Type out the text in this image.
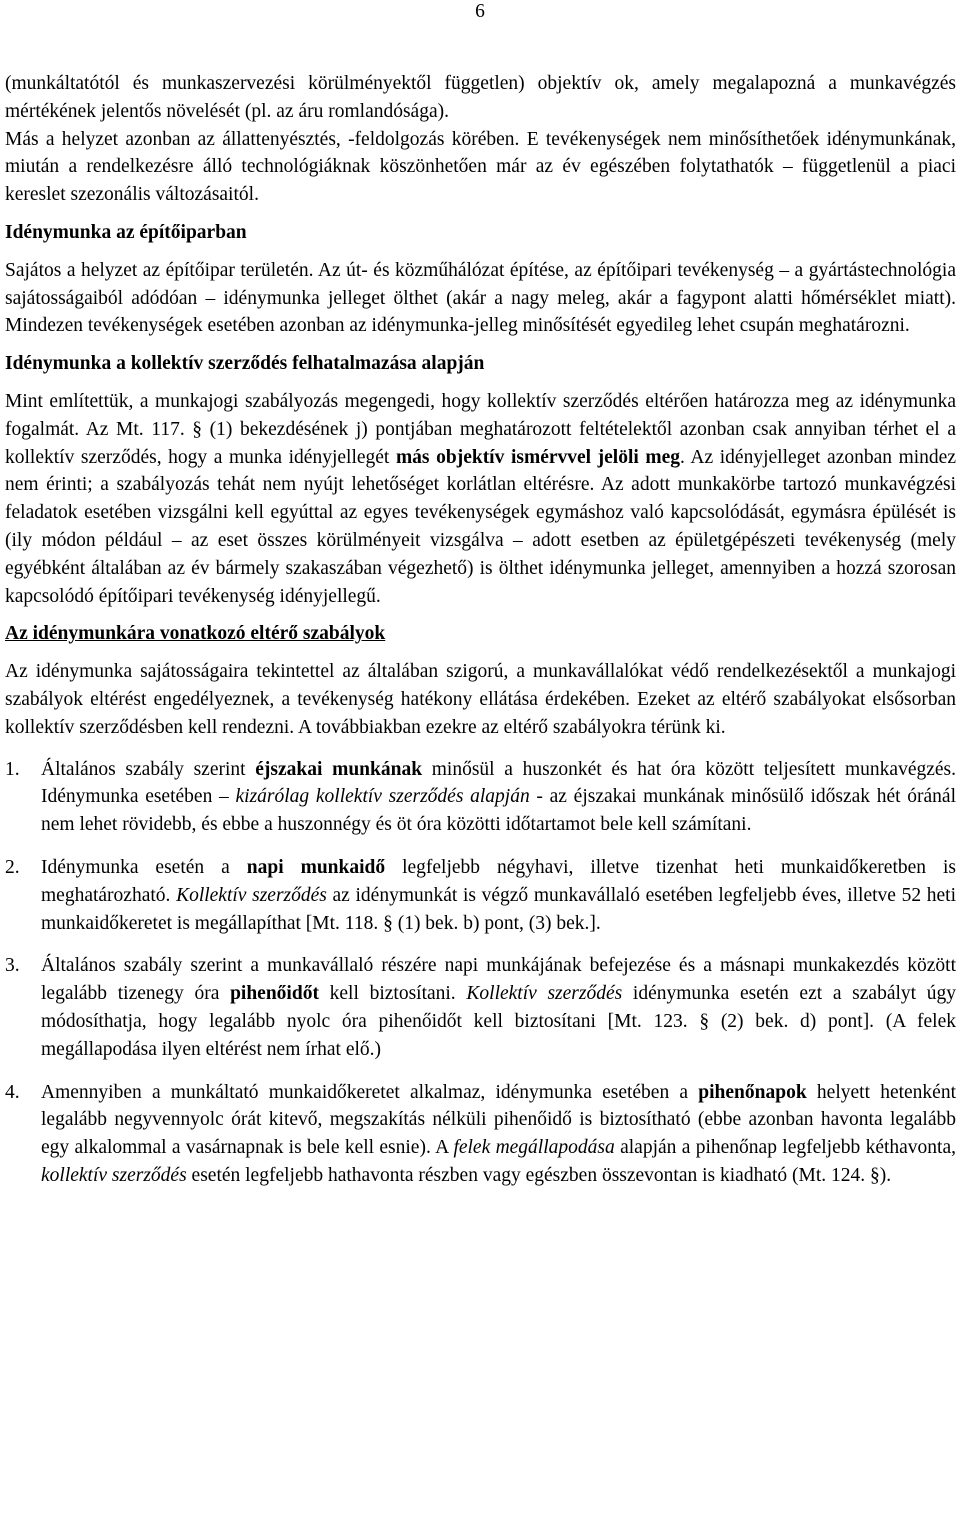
6

(munkáltatótól és munkaszervezési körülményektől független) objektív ok, amely megalapozná a munkavégzés mértékének jelentős növelését (pl. az áru romlandósága).

Más a helyzet azonban az állattenyésztés, -feldolgozás körében. E tevékenységek nem minősíthetőek idénymunkának, miután a rendelkezésre álló technológiáknak köszönhetően már az év egészében folytathatók – függetlenül a piaci kereslet szezonális változásaitól.

Idénymunka az építőiparban

Sajátos a helyzet az építőipar területén. Az út- és közműhálózat építése, az építőipari tevékenység – a gyártástechnológia sajátosságaiból adódóan – idénymunka jelleget ölthet (akár a nagy meleg, akár a fagypont alatti hőmérséklet miatt). Mindezen tevékenységek esetében azonban az idénymunka-jelleg minősítését egyedileg lehet csupán meghatározni.

Idénymunka a kollektív szerződés felhatalmazása alapján

Mint említettük, a munkajogi szabályozás megengedi, hogy kollektív szerződés eltérően határozza meg az idénymunka fogalmát. Az Mt. 117. § (1) bekezdésének j) pontjában meghatározott feltételektől azonban csak annyiban térhet el a kollektív szerződés, hogy a munka idényjellegét más objektív ismérvvel jelöli meg. Az idényjelleget azonban mindez nem érinti; a szabályozás tehát nem nyújt lehetőséget korlátlan eltérésre. Az adott munkakörbe tartozó munkavégzési feladatok esetében vizsgálni kell egyúttal az egyes tevékenységek egymáshoz való kapcsolódását, egymásra épülését is (ily módon például – az eset összes körülményeit vizsgálva – adott esetben az épületgépészeti tevékenység (mely egyébként általában az év bármely szakaszában végezhető) is ölthet idénymunka jelleget, amennyiben a hozzá szorosan kapcsolódó építőipari tevékenység idényjellegű.

Az idénymunkára vonatkozó eltérő szabályok

Az idénymunka sajátosságaira tekintettel az általában szigorú, a munkavállalókat védő rendelkezésektől a munkajogi szabályok eltérést engedélyeznek, a tevékenység hatékony ellátása érdekében. Ezeket az eltérő szabályokat elsősorban kollektív szerződésben kell rendezni. A továbbiakban ezekre az eltérő szabályokra térünk ki.

1.	Általános szabály szerint éjszakai munkának minősül a huszonkét és hat óra között teljesített munkavégzés. Idénymunka esetében – kizárólag kollektív szerződés alapján - az éjszakai munkának minősülő időszak hét óránál nem lehet rövidebb, és ebbe a huszonnégy és öt óra közötti időtartamot bele kell számítani.
2.	Idénymunka esetén a napi munkaidő legfeljebb négyhavi, illetve tizenhat heti munkaidőkeretben is meghatározható. Kollektív szerződés az idénymunkát is végző munkavállaló esetében legfeljebb éves, illetve 52 heti munkaidőkeretet is megállapíthat [Mt. 118. § (1) bek. b) pont, (3) bek.].
3.	Általános szabály szerint a munkavállaló részére napi munkájának befejezése és a másnapi munkakezdés között legalább tizenegy óra pihenőidőt kell biztosítani. Kollektív szerződés idénymunka esetén ezt a szabályt úgy módosíthatja, hogy legalább nyolc óra pihenőidőt kell biztosítani [Mt. 123. § (2) bek. d) pont]. (A felek megállapodása ilyen eltérést nem írhat elő.)
4.	Amennyiben a munkáltató munkaidőkeretet alkalmaz, idénymunka esetében a pihenőnapok helyett hetenként legalább negyvennyolc órát kitevő, megszakítás nélküli pihenőidő is biztosítható (ebbe azonban havonta legalább egy alkalommal a vasárnapnak is bele kell esnie). A felek megállapodása alapján a pihenőnap legfeljebb kéthavonta, kollektív szerződés esetén legfeljebb hathavonta részben vagy egészben összevontan is kiadható (Mt. 124. §).
